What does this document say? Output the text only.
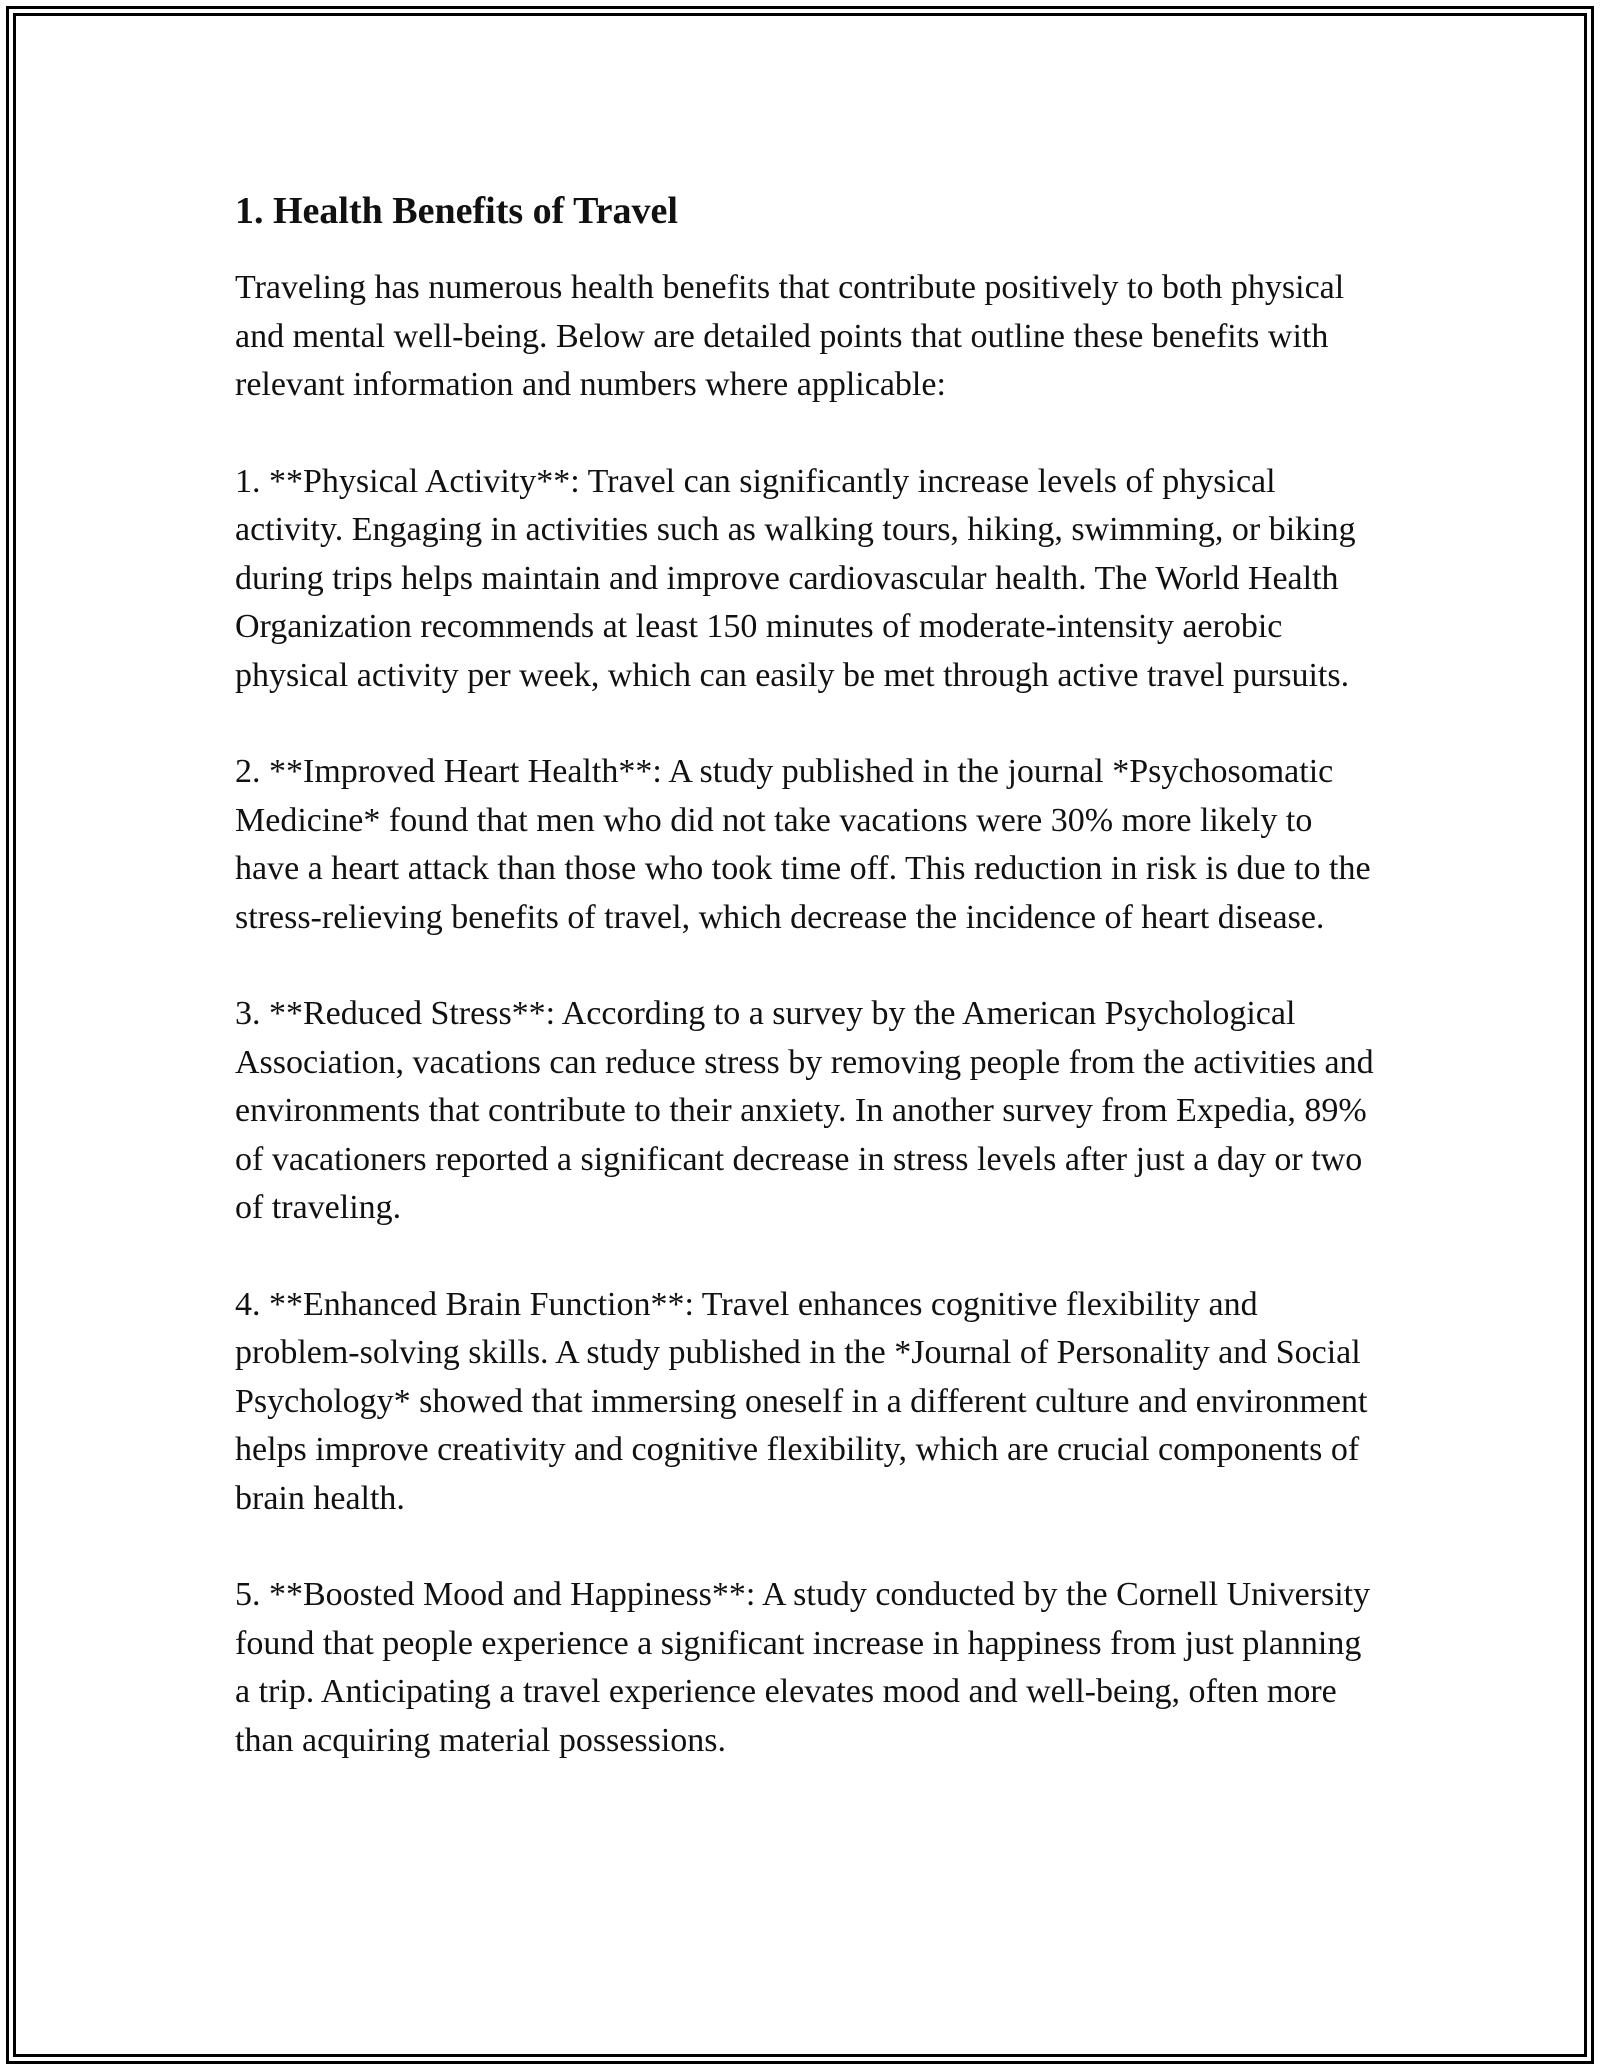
1. Health Benefits of Travel

Traveling has numerous health benefits that contribute positively to both physical and mental well-being. Below are detailed points that outline these benefits with relevant information and numbers where applicable:

1. **Physical Activity**: Travel can significantly increase levels of physical activity. Engaging in activities such as walking tours, hiking, swimming, or biking during trips helps maintain and improve cardiovascular health. The World Health Organization recommends at least 150 minutes of moderate-intensity aerobic physical activity per week, which can easily be met through active travel pursuits.

2. **Improved Heart Health**: A study published in the journal *Psychosomatic Medicine* found that men who did not take vacations were 30% more likely to have a heart attack than those who took time off. This reduction in risk is due to the stress-relieving benefits of travel, which decrease the incidence of heart disease.

3. **Reduced Stress**: According to a survey by the American Psychological Association, vacations can reduce stress by removing people from the activities and environments that contribute to their anxiety. In another survey from Expedia, 89% of vacationers reported a significant decrease in stress levels after just a day or two of traveling.

4. **Enhanced Brain Function**: Travel enhances cognitive flexibility and problem-solving skills. A study published in the *Journal of Personality and Social Psychology* showed that immersing oneself in a different culture and environment helps improve creativity and cognitive flexibility, which are crucial components of brain health.

5. **Boosted Mood and Happiness**: A study conducted by the Cornell University found that people experience a significant increase in happiness from just planning a trip. Anticipating a travel experience elevates mood and well-being, often more than acquiring material possessions.
